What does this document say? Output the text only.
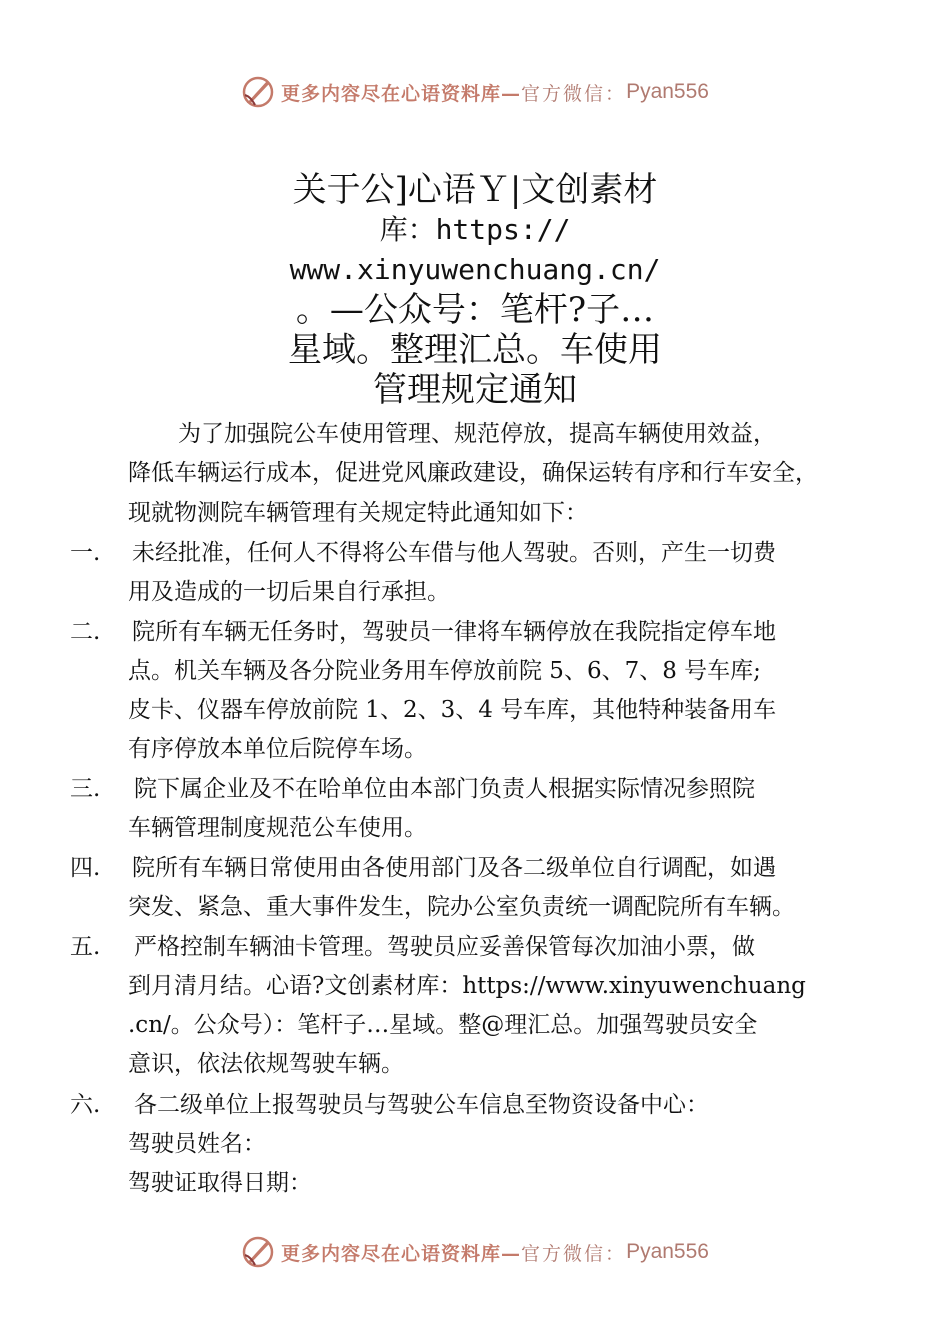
更多内容尽在心语资料库— 官方微信： Pyan556
关于公]心语Ｙ|文创素材
库：https://
www.xinyuwenchuang.cn/
。—公众号：笔杆?子…
星域。整理汇总。车使用
管理规定通知
为了加强院公车使用管理、规范停放，提高车辆使用效益，
降低车辆运行成本，促进党风廉政建设，确保运转有序和行车安全，
现就物测院车辆管理有关规定特此通知如下：
一. 未经批准，任何人不得将公车借与他人驾驶。否则，产生一切费
用及造成的一切后果自行承担。
二. 院所有车辆无任务时，驾驶员一律将车辆停放在我院指定停车地
点。机关车辆及各分院业务用车停放前院 5、6、7、8 号车库;
皮卡、仪器车停放前院 1、2、3、4 号车库，其他特种装备用车
有序停放本单位后院停车场。
三. 院下属企业及不在哈单位由本部门负责人根据实际情况参照院
车辆管理制度规范公车使用。
四. 院所有车辆日常使用由各使用部门及各二级单位自行调配，如遇
突发、紧急、重大事件发生，院办公室负责统一调配院所有车辆。
五. 严格控制车辆油卡管理。驾驶员应妥善保管每次加油小票，做
到月清月结。心语?文创素材库：https://www.xinyuwenchuang
.cn/。公众号）：笔杆子…星域。整@理汇总。加强驾驶员安全
意识，依法依规驾驶车辆。
六. 各二级单位上报驾驶员与驾驶公车信息至物资设备中心：
驾驶员姓名：
驾驶证取得日期：
更多内容尽在心语资料库— 官方微信： Pyan556
